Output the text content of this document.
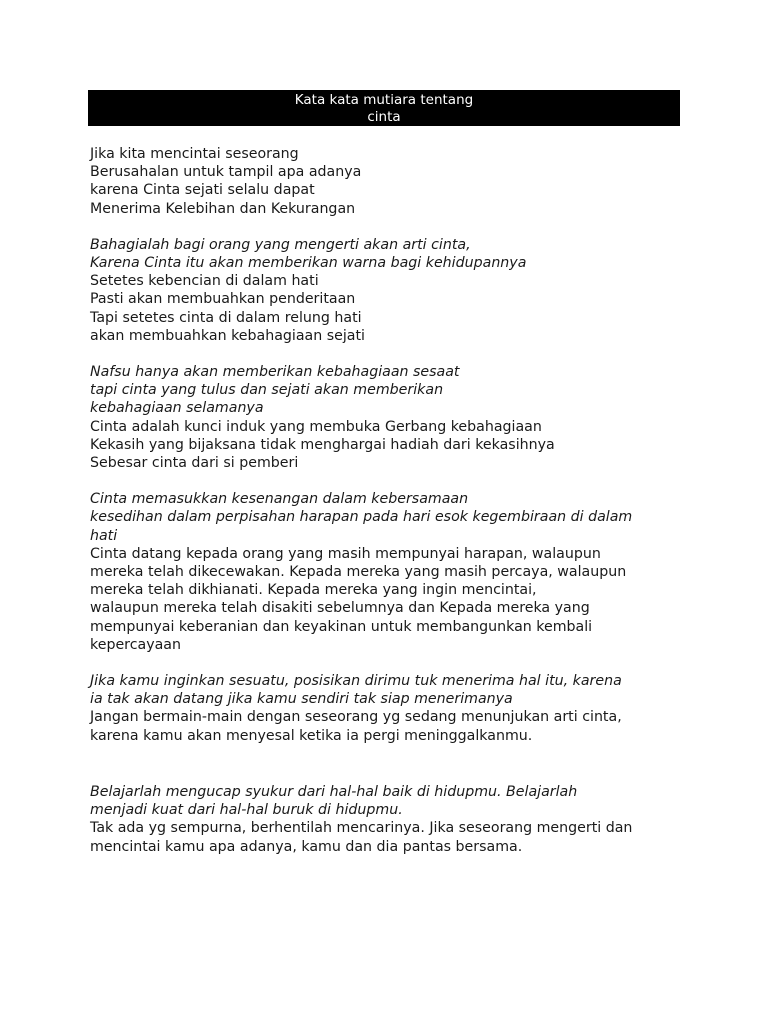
Kata kata mutiara tentang
cinta
Jika kita mencintai seseorang
Berusahalan untuk tampil apa adanya
karena Cinta sejati selalu dapat
Menerima Kelebihan dan Kekurangan
Bahagialah bagi orang yang mengerti akan arti cinta,
Karena Cinta itu akan memberikan warna bagi kehidupannya
Setetes kebencian di dalam hati
Pasti akan membuahkan penderitaan
Tapi setetes cinta di dalam relung hati
akan membuahkan kebahagiaan sejati
Nafsu hanya akan memberikan kebahagiaan sesaat
tapi cinta yang tulus dan sejati akan memberikan
kebahagiaan selamanya
Cinta adalah kunci induk yang membuka Gerbang kebahagiaan
Kekasih yang bijaksana tidak menghargai hadiah dari kekasihnya
Sebesar cinta dari si pemberi
Cinta memasukkan kesenangan dalam kebersamaan
kesedihan dalam perpisahan harapan pada hari esok kegembiraan di dalam
hati
Cinta datang kepada orang yang masih mempunyai harapan, walaupun
mereka telah dikecewakan. Kepada mereka yang masih percaya, walaupun
mereka telah dikhianati. Kepada mereka yang ingin mencintai,
walaupun mereka telah disakiti sebelumnya dan Kepada mereka yang
mempunyai keberanian dan keyakinan untuk membangunkan kembali
kepercayaan
Jika kamu inginkan sesuatu, posisikan dirimu tuk menerima hal itu, karena
ia tak akan datang jika kamu sendiri tak siap menerimanya
Jangan bermain-main dengan seseorang yg sedang menunjukan arti cinta,
karena kamu akan menyesal ketika ia pergi meninggalkanmu.
Belajarlah mengucap syukur dari hal-hal baik di hidupmu. Belajarlah
menjadi kuat dari hal-hal buruk di hidupmu.
Tak ada yg sempurna, berhentilah mencarinya. Jika seseorang mengerti dan
mencintai kamu apa adanya, kamu dan dia pantas bersama.
